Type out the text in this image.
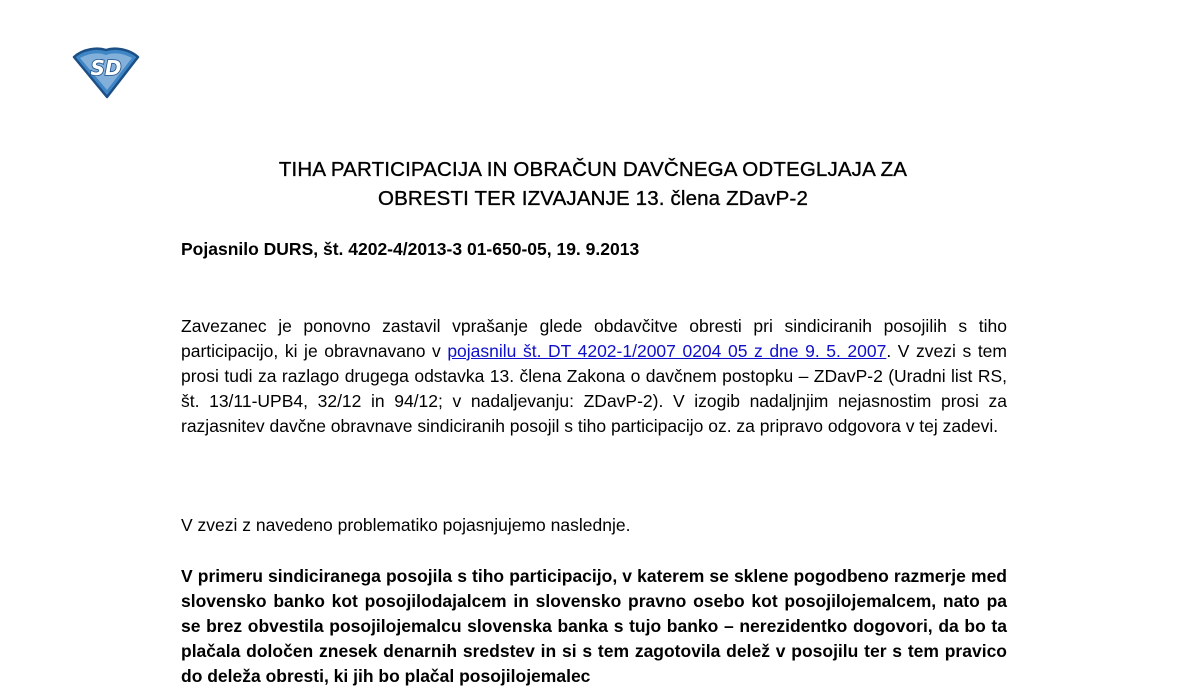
SD
TIHA PARTICIPACIJA IN OBRAČUN DAVČNEGA ODTEGLJAJA ZA
OBRESTI TER IZVAJANJE 13. člena ZDavP-2
Pojasnilo DURS, št. 4202-4/2013-3 01-650-05, 19. 9.2013
Zavezanec je ponovno zastavil vprašanje glede obdavčitve obresti pri sindiciranih posojilih s tiho participacijo, ki je obravnavano v pojasnilu št. DT 4202-1/2007 0204 05 z dne 9. 5. 2007. V zvezi s tem prosi tudi za razlago drugega odstavka 13. člena Zakona o davčnem postopku – ZDavP-2 (Uradni list RS, št. 13/11-UPB4, 32/12 in 94/12; v nadaljevanju: ZDavP-2). V izogib nadaljnjim nejasnostim prosi za razjasnitev davčne obravnave sindiciranih posojil s tiho participacijo oz. za pripravo odgovora v tej zadevi.
V zvezi z navedeno problematiko pojasnjujemo naslednje.
V primeru sindiciranega posojila s tiho participacijo, v katerem se sklene pogodbeno razmerje med slovensko banko kot posojilodajalcem in slovensko pravno osebo kot posojilojemalcem, nato pa se brez obvestila posojilojemalcu slovenska banka s tujo banko – nerezidentko dogovori, da bo ta plačala določen znesek denarnih sredstev in si s tem zagotovila delež v posojilu ter s tem pravico do deleža obresti, ki jih bo plačal posojilojemalec
